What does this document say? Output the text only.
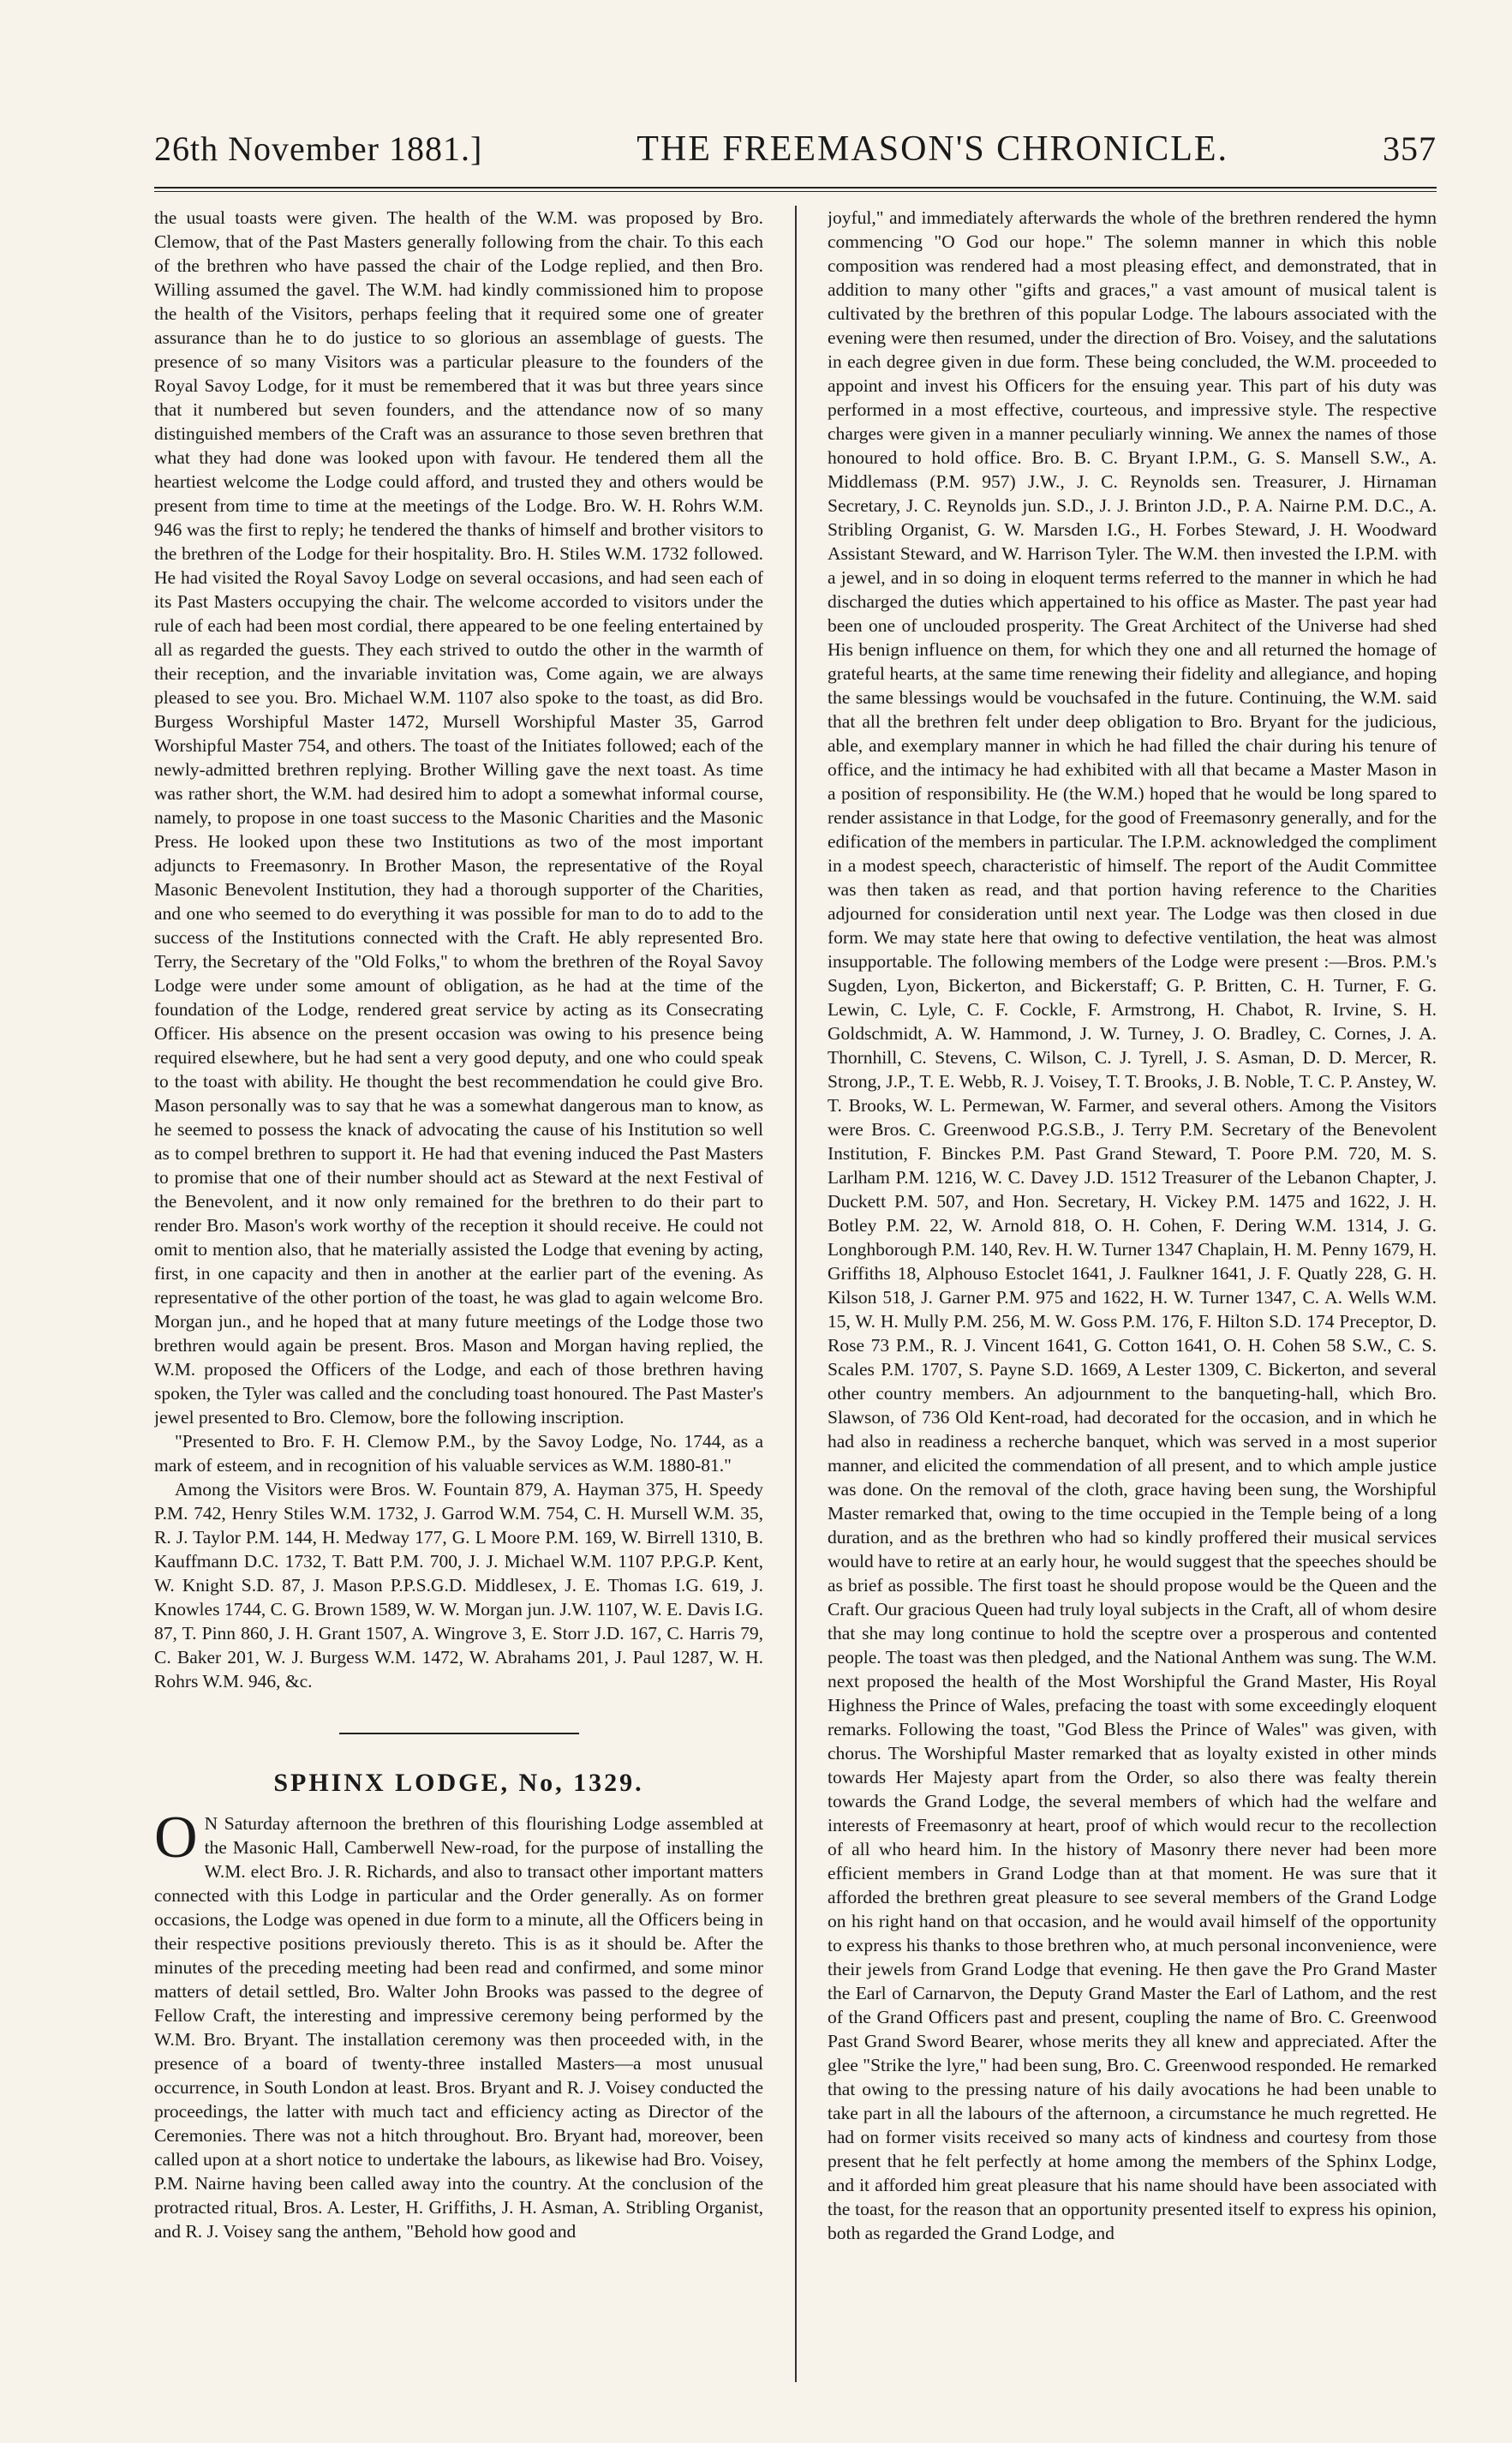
26th November 1881.]	THE FREEMASON'S CHRONICLE.	357

the usual toasts were given. The health of the W.M. was proposed by Bro. Clemow, that of the Past Masters generally following from the chair. To this each of the brethren who have passed the chair of the Lodge replied, and then Bro. Willing assumed the gavel. The W.M. had kindly commissioned him to propose the health of the Visitors, perhaps feeling that it required some one of greater assurance than he to do justice to so glorious an assemblage of guests. The presence of so many Visitors was a particular pleasure to the founders of the Royal Savoy Lodge, for it must be remembered that it was but three years since that it numbered but seven founders, and the attendance now of so many distinguished members of the Craft was an assurance to those seven brethren that what they had done was looked upon with favour. He tendered them all the heartiest welcome the Lodge could afford, and trusted they and others would be present from time to time at the meetings of the Lodge. Bro. W. H. Rohrs W.M. 946 was the first to reply; he tendered the thanks of himself and brother visitors to the brethren of the Lodge for their hospitality. Bro. H. Stiles W.M. 1732 followed. He had visited the Royal Savoy Lodge on several occasions, and had seen each of its Past Masters occupying the chair. The welcome accorded to visitors under the rule of each had been most cordial, there appeared to be one feeling entertained by all as regarded the guests. They each strived to outdo the other in the warmth of their reception, and the invariable invitation was, Come again, we are always pleased to see you. Bro. Michael W.M. 1107 also spoke to the toast, as did Bro. Burgess Worshipful Master 1472, Mursell Worshipful Master 35, Garrod Worshipful Master 754, and others. The toast of the Initiates followed; each of the newly-admitted brethren replying. Brother Willing gave the next toast. As time was rather short, the W.M. had desired him to adopt a somewhat informal course, namely, to propose in one toast success to the Masonic Charities and the Masonic Press. He looked upon these two Institutions as two of the most important adjuncts to Freemasonry. In Brother Mason, the representative of the Royal Masonic Benevolent Institution, they had a thorough supporter of the Charities, and one who seemed to do everything it was possible for man to do to add to the success of the Institutions connected with the Craft. He ably represented Bro. Terry, the Secretary of the "Old Folks," to whom the brethren of the Royal Savoy Lodge were under some amount of obligation, as he had at the time of the foundation of the Lodge, rendered great service by acting as its Consecrating Officer. His absence on the present occasion was owing to his presence being required elsewhere, but he had sent a very good deputy, and one who could speak to the toast with ability. He thought the best recommendation he could give Bro. Mason personally was to say that he was a somewhat dangerous man to know, as he seemed to possess the knack of advocating the cause of his Institution so well as to compel brethren to support it. He had that evening induced the Past Masters to promise that one of their number should act as Steward at the next Festival of the Benevolent, and it now only remained for the brethren to do their part to render Bro. Mason's work worthy of the reception it should receive. He could not omit to mention also, that he materially assisted the Lodge that evening by acting, first, in one capacity and then in another at the earlier part of the evening. As representative of the other portion of the toast, he was glad to again welcome Bro. Morgan jun., and he hoped that at many future meetings of the Lodge those two brethren would again be present. Bros. Mason and Morgan having replied, the W.M. proposed the Officers of the Lodge, and each of those brethren having spoken, the Tyler was called and the concluding toast honoured. The Past Master's jewel presented to Bro. Clemow, bore the following inscription.

"Presented to Bro. F. H. Clemow P.M., by the Savoy Lodge, No. 1744, as a mark of esteem, and in recognition of his valuable services as W.M. 1880-81."

Among the Visitors were Bros. W. Fountain 879, A. Hayman 375, H. Speedy P.M. 742, Henry Stiles W.M. 1732, J. Garrod W.M. 754, C. H. Mursell W.M. 35, R. J. Taylor P.M. 144, H. Medway 177, G. L Moore P.M. 169, W. Birrell 1310, B. Kauffmann D.C. 1732, T. Batt P.M. 700, J. J. Michael W.M. 1107 P.P.G.P. Kent, W. Knight S.D. 87, J. Mason P.P.S.G.D. Middlesex, J. E. Thomas I.G. 619, J. Knowles 1744, C. G. Brown 1589, W. W. Morgan jun. J.W. 1107, W. E. Davis I.G. 87, T. Pinn 860, J. H. Grant 1507, A. Wingrove 3, E. Storr J.D. 167, C. Harris 79, C. Baker 201, W. J. Burgess W.M. 1472, W. Abrahams 201, J. Paul 1287, W. H. Rohrs W.M. 946, &c.

SPHINX LODGE, No, 1329.
O N Saturday afternoon the brethren of this flourishing Lodge assembled at the Masonic Hall, Camberwell New-road, for the purpose of installing the W.M. elect Bro. J. R. Richards, and also to transact other important matters connected with this Lodge in particular and the Order generally. As on former occasions, the Lodge was opened in due form to a minute, all the Officers being in their respective positions previously thereto. This is as it should be. After the minutes of the preceding meeting had been read and confirmed, and some minor matters of detail settled, Bro. Walter John Brooks was passed to the degree of Fellow Craft, the interesting and impressive ceremony being performed by the W.M. Bro. Bryant. The installation ceremony was then proceeded with, in the presence of a board of twenty-three installed Masters—a most unusual occurrence, in South London at least. Bros. Bryant and R. J. Voisey conducted the proceedings, the latter with much tact and efficiency acting as Director of the Ceremonies. There was not a hitch throughout. Bro. Bryant had, moreover, been called upon at a short notice to undertake the labours, as likewise had Bro. Voisey, P.M. Nairne having been called away into the country. At the conclusion of the protracted ritual, Bros. A. Lester, H. Griffiths, J. H. Asman, A. Stribling Organist, and R. J. Voisey sang the anthem, "Behold how good and

joyful," and immediately afterwards the whole of the brethren rendered the hymn commencing "O God our hope." The solemn manner in which this noble composition was rendered had a most pleasing effect, and demonstrated, that in addition to many other "gifts and graces," a vast amount of musical talent is cultivated by the brethren of this popular Lodge. The labours associated with the evening were then resumed, under the direction of Bro. Voisey, and the salutations in each degree given in due form. These being concluded, the W.M. proceeded to appoint and invest his Officers for the ensuing year. This part of his duty was performed in a most effective, courteous, and impressive style. The respective charges were given in a manner peculiarly winning. We annex the names of those honoured to hold office. Bro. B. C. Bryant I.P.M., G. S. Mansell S.W., A. Middlemass (P.M. 957) J.W., J. C. Reynolds sen. Treasurer, J. Hirnaman Secretary, J. C. Reynolds jun. S.D., J. J. Brinton J.D., P. A. Nairne P.M. D.C., A. Stribling Organist, G. W. Marsden I.G., H. Forbes Steward, J. H. Woodward Assistant Steward, and W. Harrison Tyler. The W.M. then invested the I.P.M. with a jewel, and in so doing in eloquent terms referred to the manner in which he had discharged the duties which appertained to his office as Master. The past year had been one of unclouded prosperity. The Great Architect of the Universe had shed His benign influence on them, for which they one and all returned the homage of grateful hearts, at the same time renewing their fidelity and allegiance, and hoping the same blessings would be vouchsafed in the future. Continuing, the W.M. said that all the brethren felt under deep obligation to Bro. Bryant for the judicious, able, and exemplary manner in which he had filled the chair during his tenure of office, and the intimacy he had exhibited with all that became a Master Mason in a position of responsibility. He (the W.M.) hoped that he would be long spared to render assistance in that Lodge, for the good of Freemasonry generally, and for the edification of the members in particular. The I.P.M. acknowledged the compliment in a modest speech, characteristic of himself. The report of the Audit Committee was then taken as read, and that portion having reference to the Charities adjourned for consideration until next year. The Lodge was then closed in due form. We may state here that owing to defective ventilation, the heat was almost insupportable. The following members of the Lodge were present :—Bros. P.M.'s Sugden, Lyon, Bickerton, and Bickerstaff; G. P. Britten, C. H. Turner, F. G. Lewin, C. Lyle, C. F. Cockle, F. Armstrong, H. Chabot, R. Irvine, S. H. Goldschmidt, A. W. Hammond, J. W. Turney, J. O. Bradley, C. Cornes, J. A. Thornhill, C. Stevens, C. Wilson, C. J. Tyrell, J. S. Asman, D. D. Mercer, R. Strong, J.P., T. E. Webb, R. J. Voisey, T. T. Brooks, J. B. Noble, T. C. P. Anstey, W. T. Brooks, W. L. Permewan, W. Farmer, and several others. Among the Visitors were Bros. C. Greenwood P.G.S.B., J. Terry P.M. Secretary of the Benevolent Institution, F. Binckes P.M. Past Grand Steward, T. Poore P.M. 720, M. S. Larlham P.M. 1216, W. C. Davey J.D. 1512 Treasurer of the Lebanon Chapter, J. Duckett P.M. 507, and Hon. Secretary, H. Vickey P.M. 1475 and 1622, J. H. Botley P.M. 22, W. Arnold 818, O. H. Cohen, F. Dering W.M. 1314, J. G. Longhborough P.M. 140, Rev. H. W. Turner 1347 Chaplain, H. M. Penny 1679, H. Griffiths 18, Alphouso Estoclet 1641, J. Faulkner 1641, J. F. Quatly 228, G. H. Kilson 518, J. Garner P.M. 975 and 1622, H. W. Turner 1347, C. A. Wells W.M. 15, W. H. Mully P.M. 256, M. W. Goss P.M. 176, F. Hilton S.D. 174 Preceptor, D. Rose 73 P.M., R. J. Vincent 1641, G. Cotton 1641, O. H. Cohen 58 S.W., C. S. Scales P.M. 1707, S. Payne S.D. 1669, A Lester 1309, C. Bickerton, and several other country members. An adjournment to the banqueting-hall, which Bro. Slawson, of 736 Old Kent-road, had decorated for the occasion, and in which he had also in readiness a recherche banquet, which was served in a most superior manner, and elicited the commendation of all present, and to which ample justice was done. On the removal of the cloth, grace having been sung, the Worshipful Master remarked that, owing to the time occupied in the Temple being of a long duration, and as the brethren who had so kindly proffered their musical services would have to retire at an early hour, he would suggest that the speeches should be as brief as possible. The first toast he should propose would be the Queen and the Craft. Our gracious Queen had truly loyal subjects in the Craft, all of whom desire that she may long continue to hold the sceptre over a prosperous and contented people. The toast was then pledged, and the National Anthem was sung. The W.M. next proposed the health of the Most Worshipful the Grand Master, His Royal Highness the Prince of Wales, prefacing the toast with some exceedingly eloquent remarks. Following the toast, "God Bless the Prince of Wales" was given, with chorus. The Worshipful Master remarked that as loyalty existed in other minds towards Her Majesty apart from the Order, so also there was fealty therein towards the Grand Lodge, the several members of which had the welfare and interests of Freemasonry at heart, proof of which would recur to the recollection of all who heard him. In the history of Masonry there never had been more efficient members in Grand Lodge than at that moment. He was sure that it afforded the brethren great pleasure to see several members of the Grand Lodge on his right hand on that occasion, and he would avail himself of the opportunity to express his thanks to those brethren who, at much personal inconvenience, were their jewels from Grand Lodge that evening. He then gave the Pro Grand Master the Earl of Carnarvon, the Deputy Grand Master the Earl of Lathom, and the rest of the Grand Officers past and present, coupling the name of Bro. C. Greenwood Past Grand Sword Bearer, whose merits they all knew and appreciated. After the glee "Strike the lyre," had been sung, Bro. C. Greenwood responded. He remarked that owing to the pressing nature of his daily avocations he had been unable to take part in all the labours of the afternoon, a circumstance he much regretted. He had on former visits received so many acts of kindness and courtesy from those present that he felt perfectly at home among the members of the Sphinx Lodge, and it afforded him great pleasure that his name should have been associated with the toast, for the reason that an opportunity presented itself to express his opinion, both as regarded the Grand Lodge, and
